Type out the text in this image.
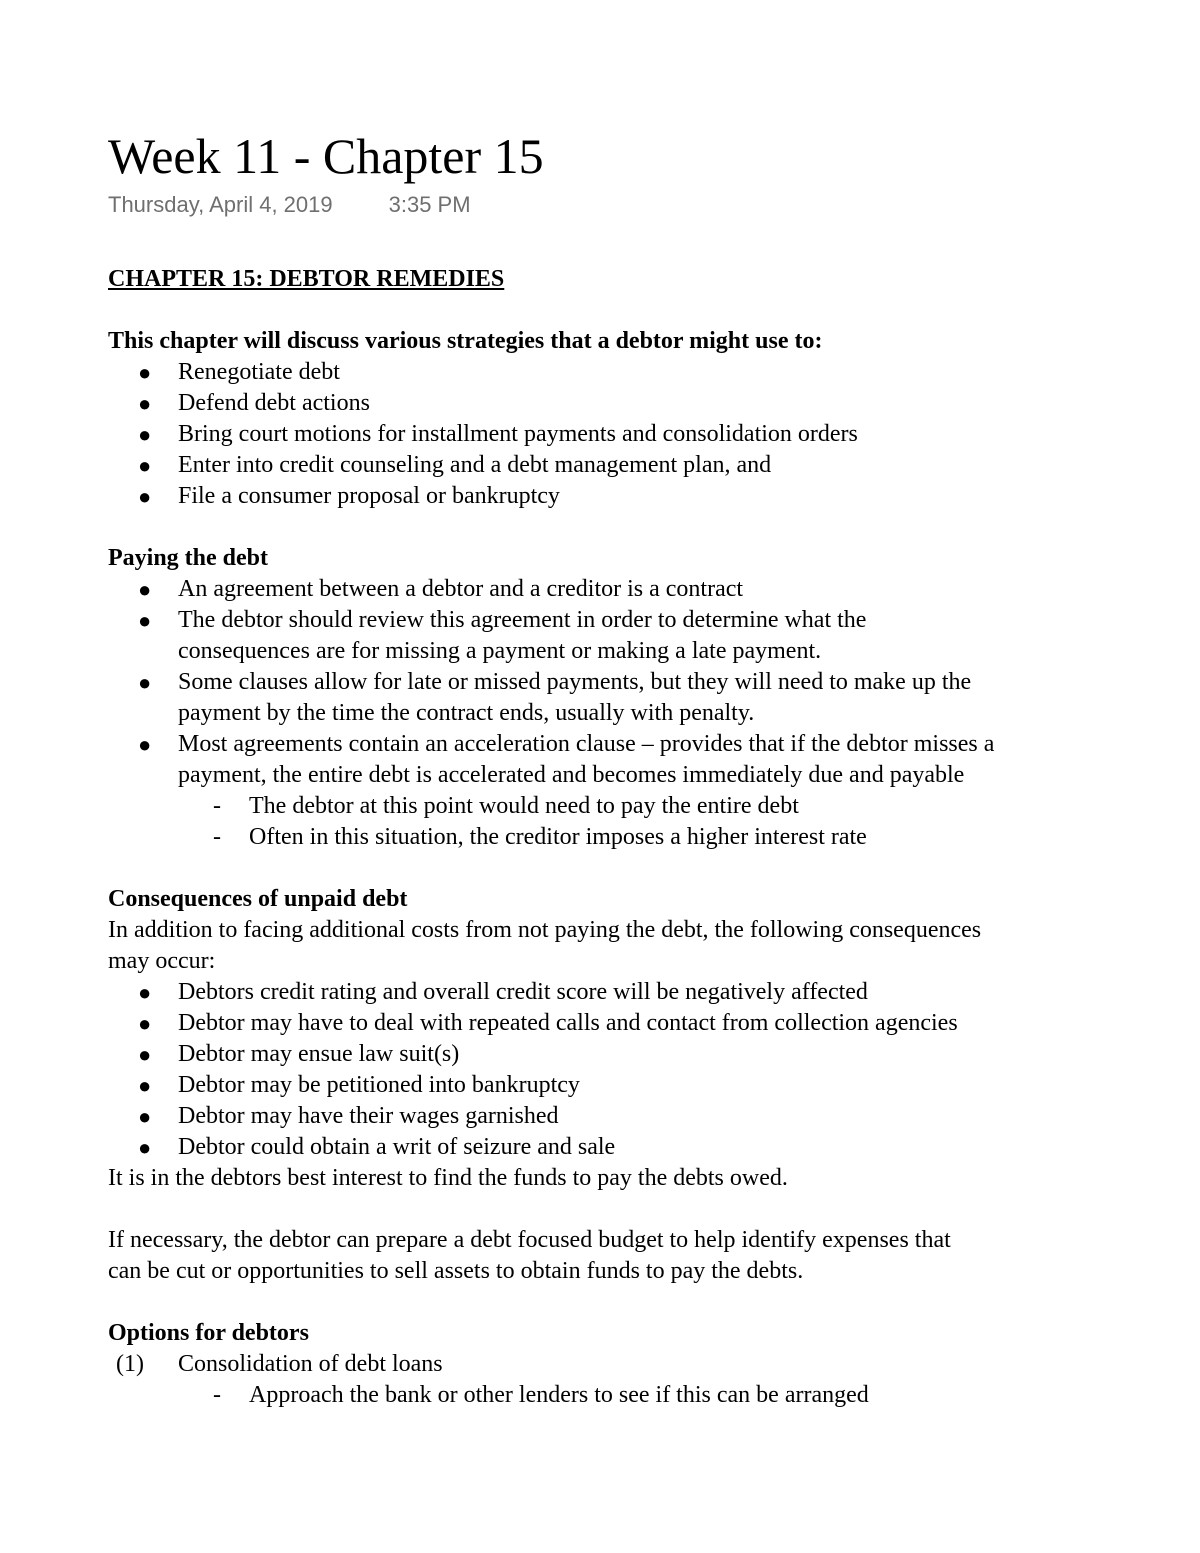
Week 11 - Chapter 15
Thursday, April 4, 2019	3:35 PM
CHAPTER 15: DEBTOR REMEDIES
This chapter will discuss various strategies that a debtor might use to:
● Renegotiate debt
● Defend debt actions
● Bring court motions for installment payments and consolidation orders
● Enter into credit counseling and a debt management plan, and
● File a consumer proposal or bankruptcy
Paying the debt
● An agreement between a debtor and a creditor is a contract
● The debtor should review this agreement in order to determine what the
consequences are for missing a payment or making a late payment.
● Some clauses allow for late or missed payments, but they will need to make up the
payment by the time the contract ends, usually with penalty.
● Most agreements contain an acceleration clause – provides that if the debtor misses a
payment, the entire debt is accelerated and becomes immediately due and payable
- The debtor at this point would need to pay the entire debt
- Often in this situation, the creditor imposes a higher interest rate
Consequences of unpaid debt
In addition to facing additional costs from not paying the debt, the following consequences
may occur:
● Debtors credit rating and overall credit score will be negatively affected
● Debtor may have to deal with repeated calls and contact from collection agencies
● Debtor may ensue law suit(s)
● Debtor may be petitioned into bankruptcy
● Debtor may have their wages garnished
● Debtor could obtain a writ of seizure and sale
It is in the debtors best interest to find the funds to pay the debts owed.
If necessary, the debtor can prepare a debt focused budget to help identify expenses that
can be cut or opportunities to sell assets to obtain funds to pay the debts.
Options for debtors
(1) Consolidation of debt loans
- Approach the bank or other lenders to see if this can be arranged
